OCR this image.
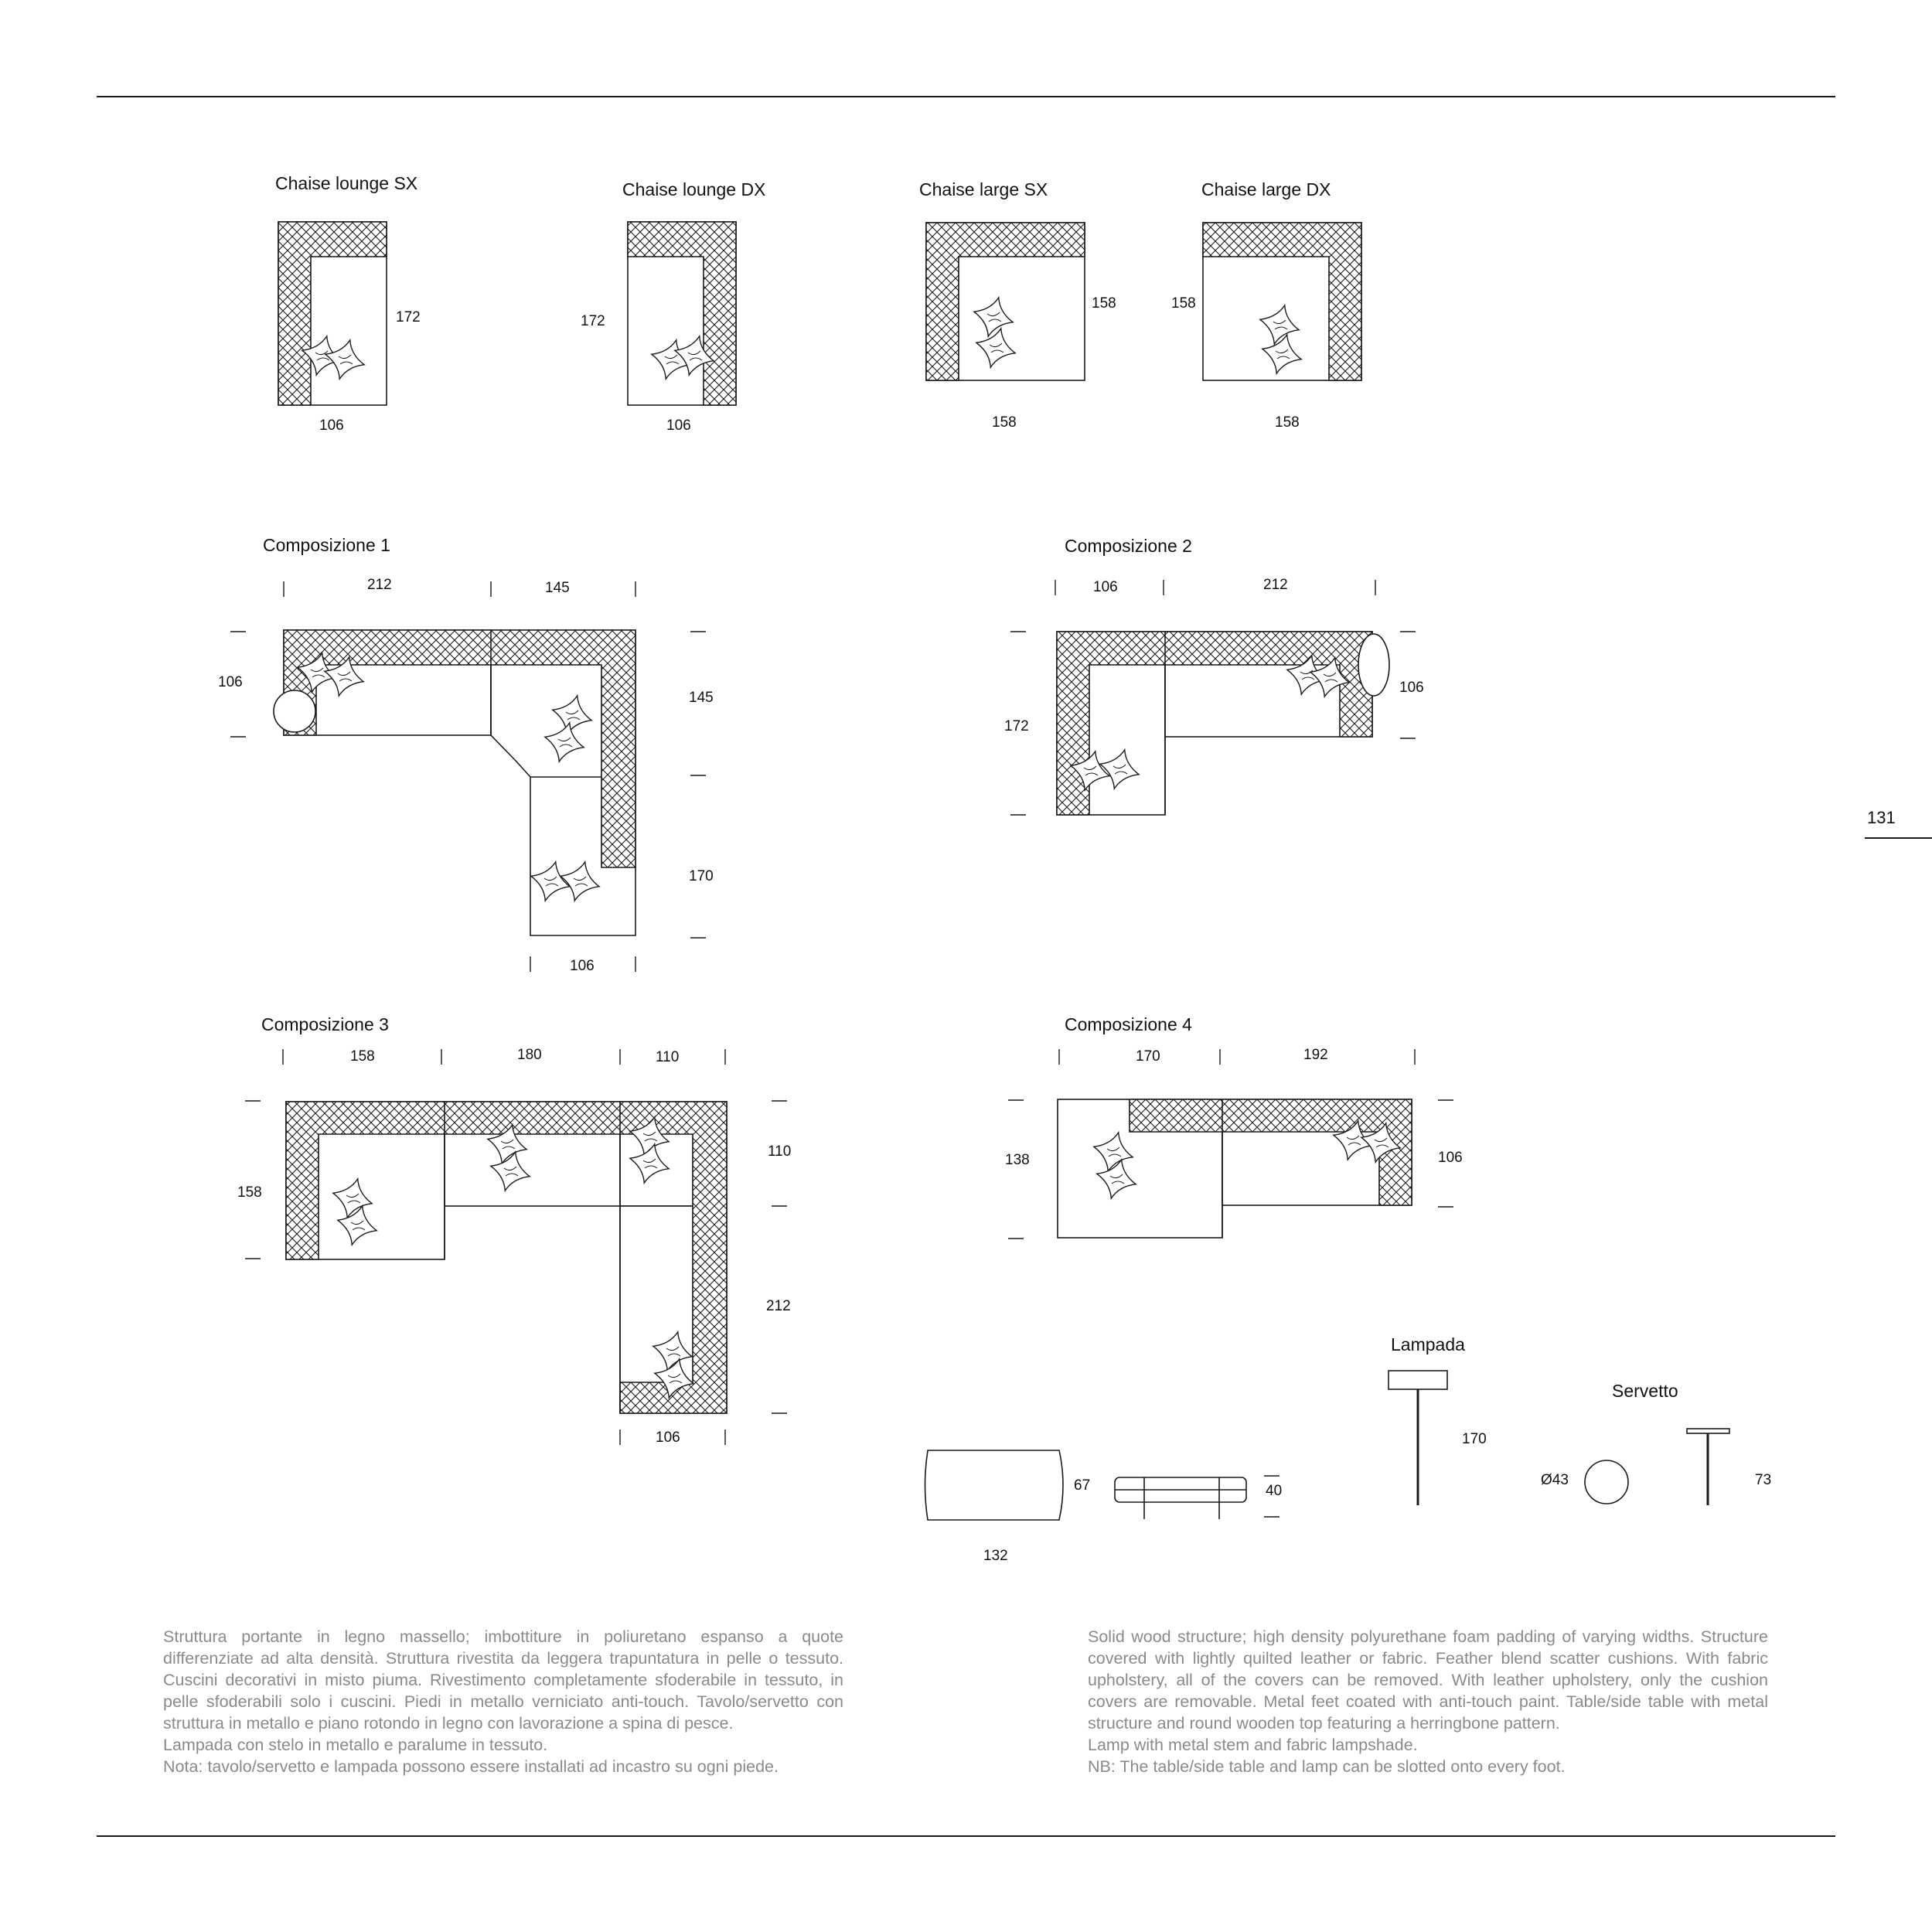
131
Chaise lounge SX	Chaise lounge DX	Chaise large SX	Chaise large DX
Composizione 1	Composizione 2
Composizione 3	Composizione 4
Lampada
Servetto
172
106
172
106
158
158
158
158
212	145
106
145
170
106
106	212
172
106
158	180	110
158
110
212
106
170	192
138	106
67
132
40
170
Ø43	73

Struttura portante in legno massello; imbottiture in poliuretano espanso a quote

differenziate ad alta densità. Struttura rivestita da leggera trapuntatura in pelle o tessuto.

Cuscini decorativi in misto piuma. Rivestimento completamente sfoderabile in tessuto, in

pelle sfoderabili solo i cuscini. Piedi in metallo verniciato anti-touch. Tavolo/servetto con

struttura in metallo e piano rotondo in legno con lavorazione a spina di pesce.

Lampada con stelo in metallo e paralume in tessuto.

Nota: tavolo/servetto e lampada possono essere installati ad incastro su ogni piede.

Solid wood structure; high density polyurethane foam padding of varying widths. Structure

covered with lightly quilted leather or fabric. Feather blend scatter cushions. With fabric

upholstery, all of the covers can be removed. With leather upholstery, only the cushion

covers are removable. Metal feet coated with anti-touch paint. Table/side table with metal

structure and round wooden top featuring a herringbone pattern.

Lamp with metal stem and fabric lampshade.

NB: The table/side table and lamp can be slotted onto every foot.
